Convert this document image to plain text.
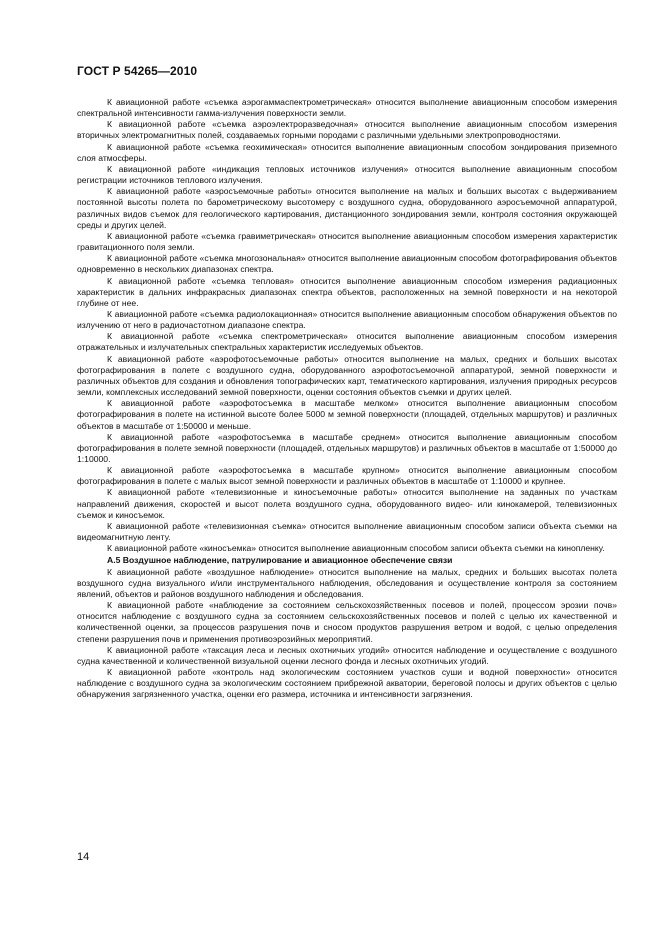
ГОСТ Р 54265—2010

К авиационной работе «съемка аэрогаммаспектрометрическая» относится выполнение авиационным способом измерения спектральной интенсивности гамма-излучения поверхности земли.

К авиационной работе «съемка аэроэлектроразведочная» относится выполнение авиационным способом измерения вторичных электромагнитных полей, создаваемых горными породами с различными удельными электропроводностями.

К авиационной работе «съемка геохимическая» относится выполнение авиационным способом зондирования приземного слоя атмосферы.

К авиационной работе «индикация тепловых источников излучения» относится выполнение авиационным способом регистрации источников теплового излучения.

К авиационной работе «аэросъемочные работы» относится выполнение на малых и больших высотах с выдерживанием постоянной высоты полета по барометрическому высотомеру с воздушного судна, оборудованного аэросъемочной аппаратурой, различных видов съемок для геологического картирования, дистанционного зондирования земли, контроля состояния окружающей среды и других целей.

К авиационной работе «съемка гравиметрическая» относится выполнение авиационным способом измерения характеристик гравитационного поля земли.

К авиационной работе «съемка многозональная» относится выполнение авиационным способом фотографирования объектов одновременно в нескольких диапазонах спектра.

К авиационной работе «съемка тепловая» относится выполнение авиационным способом измерения радиационных характеристик в дальних инфракрасных диапазонах спектра объектов, расположенных на земной поверхности и на некоторой глубине от нее.

К авиационной работе «съемка радиолокационная» относится выполнение авиационным способом обнаружения объектов по излучению от него в радиочастотном диапазоне спектра.

К авиационной работе «съемка спектрометрическая» относится выполнение авиационным способом измерения отражательных и излучательных спектральных характеристик исследуемых объектов.

К авиационной работе «аэрофотосъемочные работы» относится выполнение на малых, средних и больших высотах фотографирования в полете с воздушного судна, оборудованного аэрофотосъемочной аппаратурой, земной поверхности и различных объектов для создания и обновления топографических карт, тематического картирования, излучения природных ресурсов земли, комплексных исследований земной поверхности, оценки состояния объектов съемки и других целей.

К авиационной работе «аэрофотосъемка в масштабе мелком» относится выполнение авиационным способом фотографирования в полете на истинной высоте более 5000 м земной поверхности (площадей, отдельных маршрутов) и различных объектов в масштабе от 1:50000 и меньше.

К авиационной работе «аэрофотосъемка в масштабе среднем» относится выполнение авиационным способом фотографирования в полете земной поверхности (площадей, отдельных маршрутов) и различных объектов в масштабе от 1:50000 до 1:10000.

К авиационной работе «аэрофотосъемка в масштабе крупном» относится выполнение авиационным способом фотографирования в полете с малых высот земной поверхности и различных объектов в масштабе от 1:10000 и крупнее.

К авиационной работе «телевизионные и киносъемочные работы» относится выполнение на заданных по участкам направлений движения, скоростей и высот полета воздушного судна, оборудованного видео- или кинокамерой, телевизионных съемок и киносъемок.

К авиационной работе «телевизионная съемка» относится выполнение авиационным способом записи объекта съемки на видеомагнитную ленту.

К авиационной работе «киносъемка» относится выполнение авиационным способом записи объекта съемки на кинопленку.

А.5 Воздушное наблюдение, патрулирование и авиационное обеспечение связи

К авиационной работе «воздушное наблюдение» относится выполнение на малых, средних и больших высотах полета воздушного судна визуального и/или инструментального наблюдения, обследования и осуществление контроля за состоянием явлений, объектов и районов воздушного наблюдения и обследования.

К авиационной работе «наблюдение за состоянием сельскохозяйственных посевов и полей, процессом эрозии почв» относится наблюдение с воздушного судна за состоянием сельскохозяйственных посевов и полей с целью их качественной и количественной оценки, за процессов разрушения почв и сносом продуктов разрушения ветром и водой, с целью определения степени разрушения почв и применения противоэрозийных мероприятий.

К авиационной работе «таксация леса и лесных охотничьих угодий» относится наблюдение и осуществление с воздушного судна качественной и количественной визуальной оценки лесного фонда и лесных охотничьих угодий.

К авиационной работе «контроль над экологическим состоянием участков суши и водной поверхности» относится наблюдение с воздушного судна за экологическим состоянием прибрежной акватории, береговой полосы и других объектов с целью обнаружения загрязненного участка, оценки его размера, источника и интенсивности загрязнения.

14
